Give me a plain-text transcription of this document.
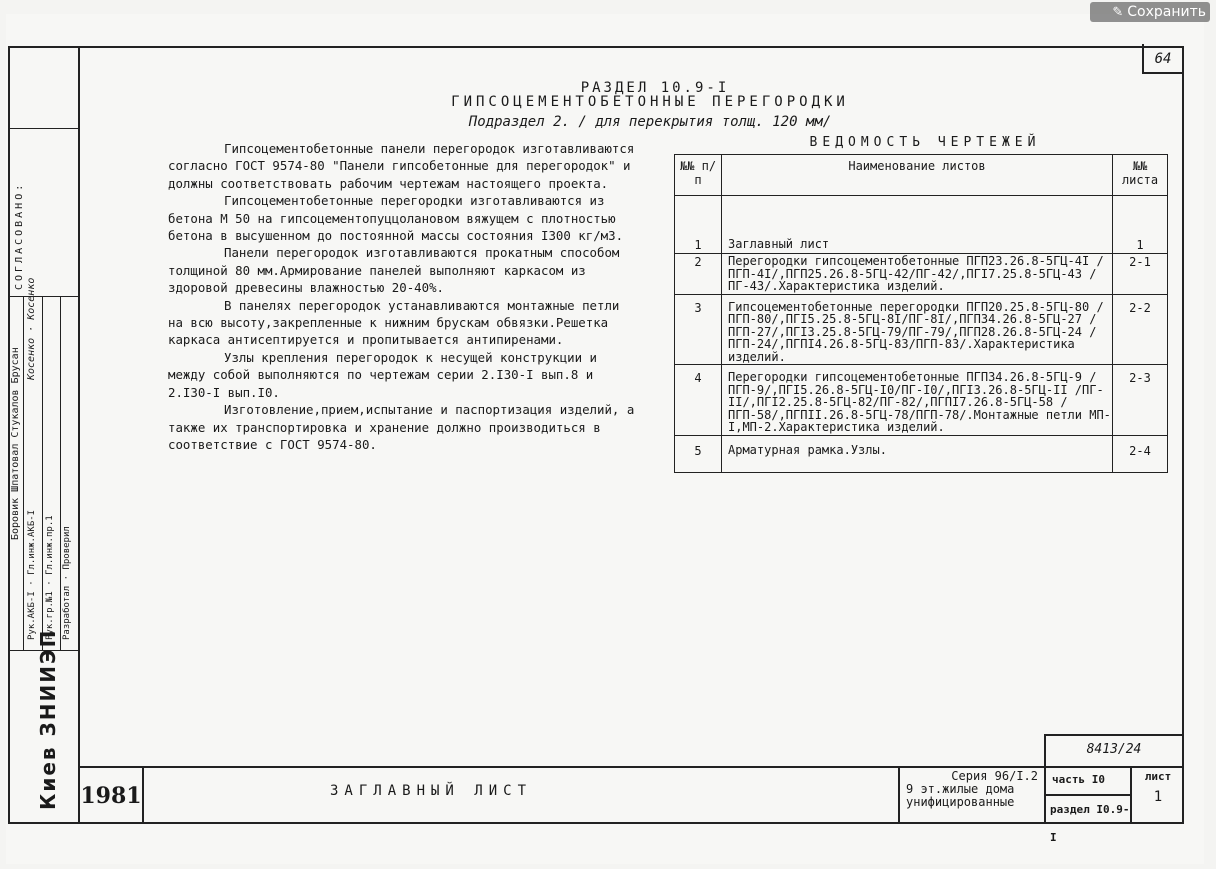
✎ Сохранить
64
СОГЛАСОВАНО:
Рук.АКБ-I · Гл.инж.АКБ-I
Рук.гр.№1 · Гл.инж.пр.1
Разработал · Проверил
Боровик Шпатовал Стукалов Брусан Косенко · Косенко
Киев ЗНИИЭП
РАЗДЕЛ 10.9-I
ГИПСОЦЕМЕНТОБЕТОННЫЕ ПЕРЕГОРОДКИ
Подраздел 2. / для перекрытия толщ. 120 мм/

Гипсоцементобетонные панели перегородок изготавливаются согласно ГОСТ 9574-80 "Панели гипсобетонные для перегородок" и должны соответствовать рабочим чертежам настоящего проекта.

Гипсоцементобетонные перегородки изготавливаются из бетона М 50 на гипсоцементопуццолановом вяжущем с плотностью бетона в высушенном до постоянной массы состояния I300 кг/м3.

Панели перегородок изготавливаются прокатным способом толщиной 80 мм.Армирование панелей выполняют каркасом из здоровой древесины влажностью 20-40%.

В панелях перегородок устанавливаются монтажные петли на всю высоту,закрепленные к нижним брускам обвязки.Решетка каркаса антисептируется и пропитывается антипиренами.

Узлы крепления перегородок к несущей конструкции и между собой выполняются по чертежам серии 2.I30-I вып.8 и 2.I30-I вып.I0.

Изготовление,прием,испытание и паспортизация изделий, а также их транспортировка и хранение должно производиться в соответствие с ГОСТ 9574-80.

ВЕДОМОСТЬ ЧЕРТЕЖЕЙ
№№ п/п	Наименование листов	№№ листа
1	Заглавный лист	1
2	Перегородки гипсоцементобетонные ПГП23.26.8-5ГЦ-4I /ПГП-4I/,ПГП25.26.8-5ГЦ-42/ПГ-42/,ПГI7.25.8-5ГЦ-43 /ПГ-43/.Характеристика изделий.	2-1
3	Гипсоцементобетонные перегородки ПГП20.25.8-5ГЦ-80 /ПГП-80/,ПГI5.25.8-5ГЦ-8I/ПГ-8I/,ПГП34.26.8-5ГЦ-27 /ПГП-27/,ПГI3.25.8-5ГЦ-79/ПГ-79/,ПГП28.26.8-5ГЦ-24 /ПГП-24/,ПГПI4.26.8-5ГЦ-83/ПГП-83/.Характеристика изделий.	2-2
4	Перегородки гипсоцементобетонные ПГП34.26.8-5ГЦ-9 /ПГП-9/,ПГI5.26.8-5ГЦ-I0/ПГ-I0/,ПГI3.26.8-5ГЦ-II /ПГ-II/,ПГI2.25.8-5ГЦ-82/ПГ-82/,ПГПI7.26.8-5ГЦ-58 /ПГП-58/,ПГПII.26.8-5ГЦ-78/ПГП-78/.Монтажные петли МП-I,МП-2.Характеристика изделий.	2-3
5	Арматурная рамка.Узлы.	2-4
8413/24
1981	ЗАГЛАВНЫЙ ЛИСТ
Серия 96/I.2
9 эт.жилые дома
унифицированные
часть I0
раздел I0.9-I
лист
1
